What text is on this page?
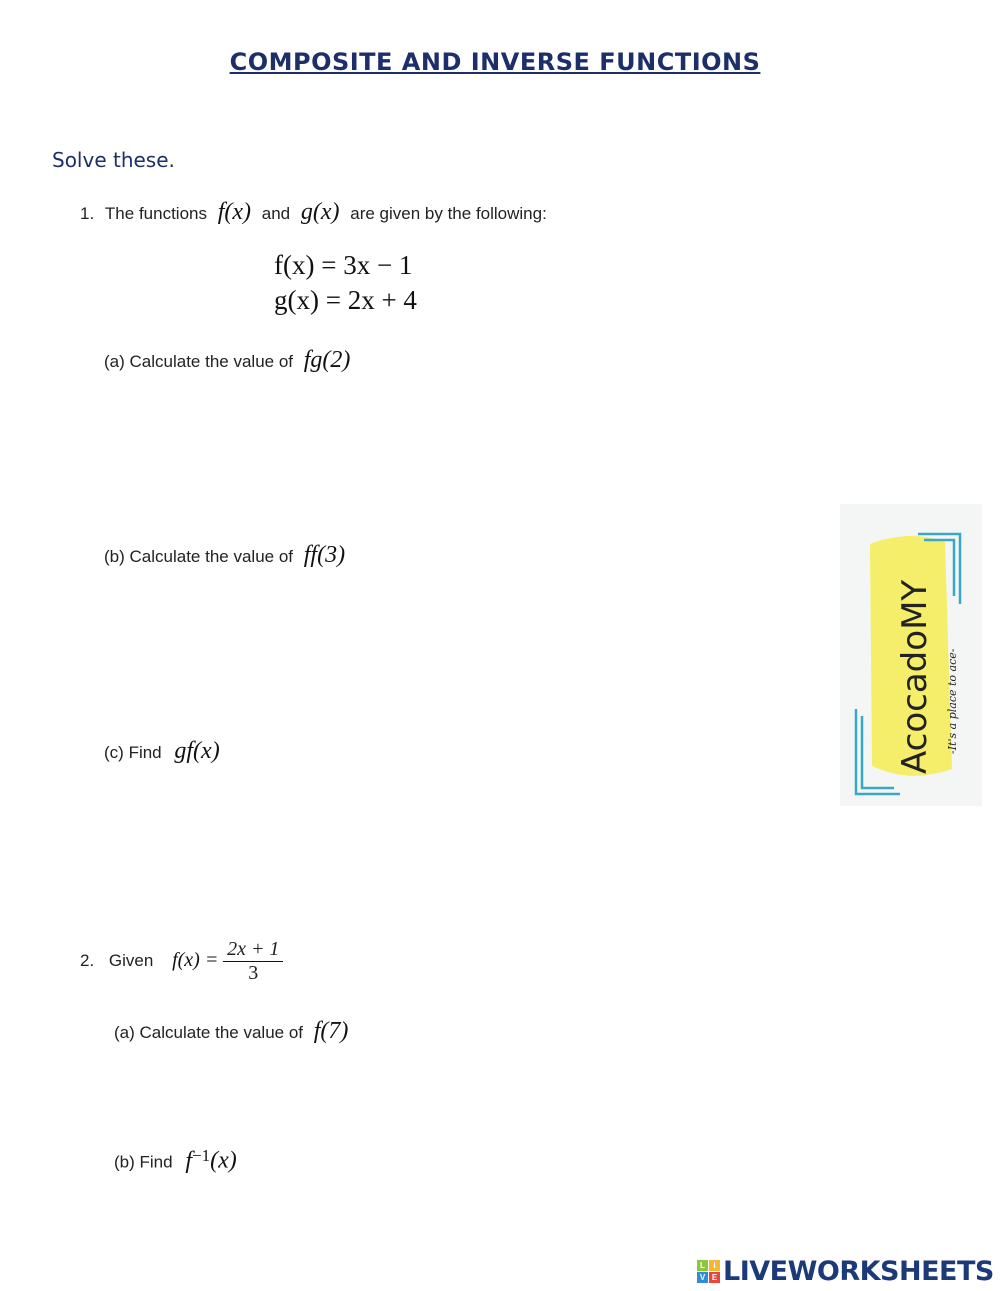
COMPOSITE AND INVERSE FUNCTIONS
Solve these.
1. The functions f(x) and g(x) are given by the following:
f(x) = 3x − 1
g(x) = 2x + 4
(a) Calculate the value of fg(2)
(b) Calculate the value of ff(3)
(c) Find gf(x)
2. Given $f(x) = \frac{2x + 1}{3}$
(a) Calculate the value of f(7)
(b) Find $f^{-1}(x)$
AcocadoMY -It's a place to ace-
L	I
V E LIVEWORKSHEETS
